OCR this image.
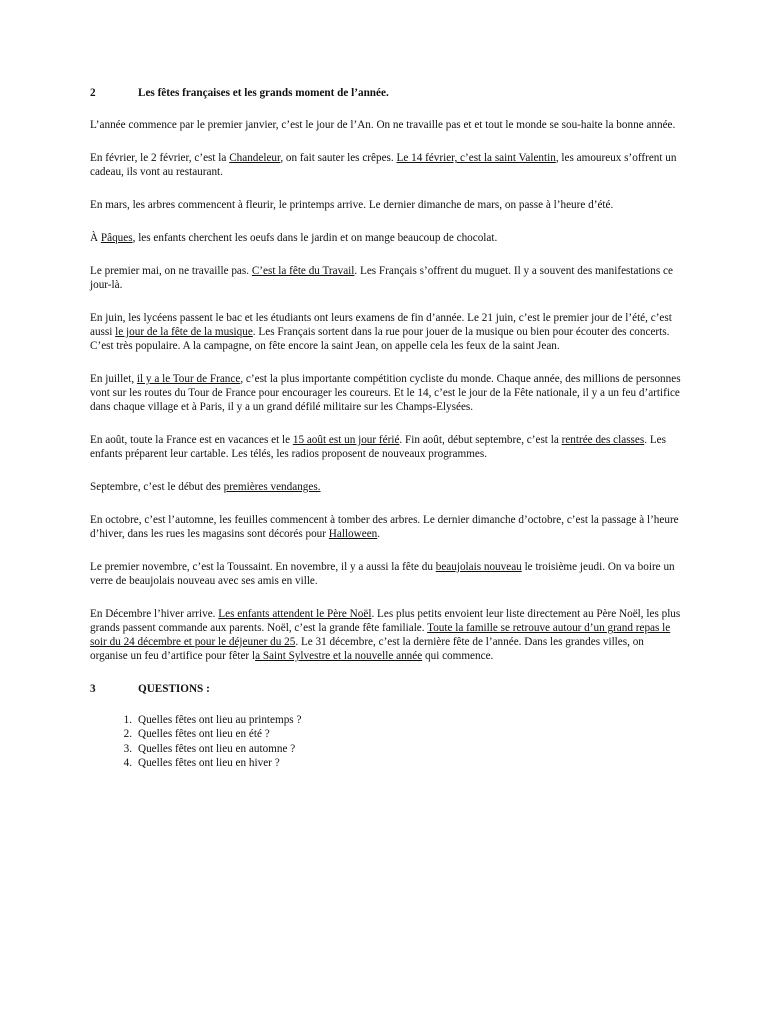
2	Les fêtes françaises et les grands moment de l’année.

L’année commence par le premier janvier, c’est le jour de l’An. On ne travaille pas et et tout le monde se sou-haite la bonne année.

En février, le 2 février, c’est la Chandeleur, on fait sauter les crêpes. Le 14 février, c’est la saint Valentin, les amoureux s’offrent un cadeau, ils vont au restaurant.

En mars, les arbres commencent à fleurir, le printemps arrive. Le dernier dimanche de mars, on passe à l’heure d’été.

À Pâques, les enfants cherchent les oeufs dans le jardin et on mange beaucoup de chocolat.

Le premier mai, on ne travaille pas. C’est la fête du Travail. Les Français s’offrent du muguet. Il y a souvent des manifestations ce jour-là.

En juin, les lycéens passent le bac et les étudiants ont leurs examens de fin d’année. Le 21 juin, c’est le premier jour de l’été, c’est aussi le jour de la fête de la musique. Les Français sortent dans la rue pour jouer de la musique ou bien pour écouter des concerts. C’est très populaire. A la campagne, on fête encore la saint Jean, on appelle cela les feux de la saint Jean.

En juillet, il y a le Tour de France, c’est la plus importante compétition cycliste du monde. Chaque année, des millions de personnes vont sur les routes du Tour de France pour encourager les coureurs. Et le 14, c’est le jour de la Fête nationale, il y a un feu d’artifice dans chaque village et à Paris, il y a un grand défilé militaire sur les Champs-Elysées.

En août, toute la France est en vacances et le 15 août est un jour férié. Fin août, début septembre, c’est la rentrée des classes. Les enfants préparent leur cartable. Les télés, les radios proposent de nouveaux programmes.

Septembre, c’est le début des premières vendanges.

En octobre, c’est l’automne, les feuilles commencent à tomber des arbres. Le dernier dimanche d’octobre, c’est la passage à l’heure d’hiver, dans les rues les magasins sont décorés pour Halloween.

Le premier novembre, c’est la Toussaint. En novembre, il y a aussi la fête du beaujolais nouveau le troisième jeudi. On va boire un verre de beaujolais nouveau avec ses amis en ville.

En Décembre l’hiver arrive. Les enfants attendent le Père Noël. Les plus petits envoient leur liste directement au Père Noël, les plus grands passent commande aux parents. Noël, c’est la grande fête familiale. Toute la famille se retrouve autour d’un grand repas le soir du 24 décembre et pour le déjeuner du 25. Le 31 décembre, c’est la dernière fête de l’année. Dans les grandes villes, on organise un feu d’artifice pour fêter la Saint Sylvestre et la nouvelle année qui commence.

3	QUESTIONS :
1. Quelles fêtes ont lieu au printemps ?
2. Quelles fêtes ont lieu en été ?
3. Quelles fêtes ont lieu en automne ?
4. Quelles fêtes ont lieu en hiver ?
